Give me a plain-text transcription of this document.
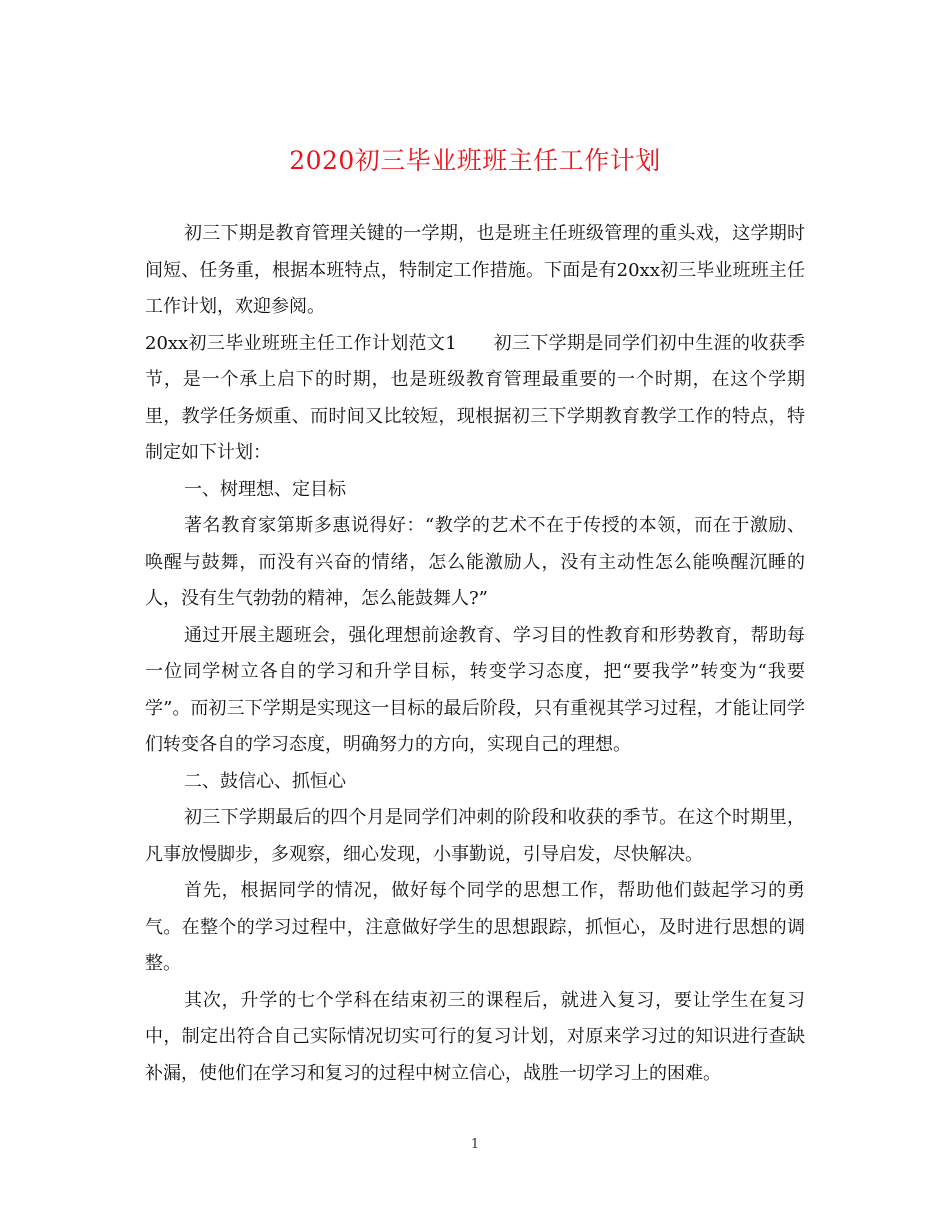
2020初三毕业班班主任工作计划

初三下期是教育管理关键的一学期，也是班主任班级管理的重头戏，这学期时间短、任务重，根据本班特点，特制定工作措施。下面是有20xx初三毕业班班主任工作计划，欢迎参阅。

20xx初三毕业班班主任工作计划范文1　　初三下学期是同学们初中生涯的收获季节，是一个承上启下的时期，也是班级教育管理最重要的一个时期，在这个学期里，教学任务烦重、而时间又比较短，现根据初三下学期教育教学工作的特点，特制定如下计划：

一、树理想、定目标

著名教育家第斯多惠说得好：“教学的艺术不在于传授的本领，而在于激励、唤醒与鼓舞，而没有兴奋的情绪，怎么能激励人，没有主动性怎么能唤醒沉睡的人，没有生气勃勃的精神，怎么能鼓舞人?”

通过开展主题班会，强化理想前途教育、学习目的性教育和形势教育，帮助每一位同学树立各自的学习和升学目标，转变学习态度，把“要我学”转变为“我要学”。而初三下学期是实现这一目标的最后阶段，只有重视其学习过程，才能让同学们转变各自的学习态度，明确努力的方向，实现自己的理想。

二、鼓信心、抓恒心

初三下学期最后的四个月是同学们冲刺的阶段和收获的季节。在这个时期里，凡事放慢脚步，多观察，细心发现，小事勤说，引导启发，尽快解决。

首先，根据同学的情况，做好每个同学的思想工作，帮助他们鼓起学习的勇气。在整个的学习过程中，注意做好学生的思想跟踪，抓恒心，及时进行思想的调整。

其次，升学的七个学科在结束初三的课程后，就进入复习，要让学生在复习中，制定出符合自己实际情况切实可行的复习计划，对原来学习过的知识进行查缺补漏，使他们在学习和复习的过程中树立信心，战胜一切学习上的困难。

1
